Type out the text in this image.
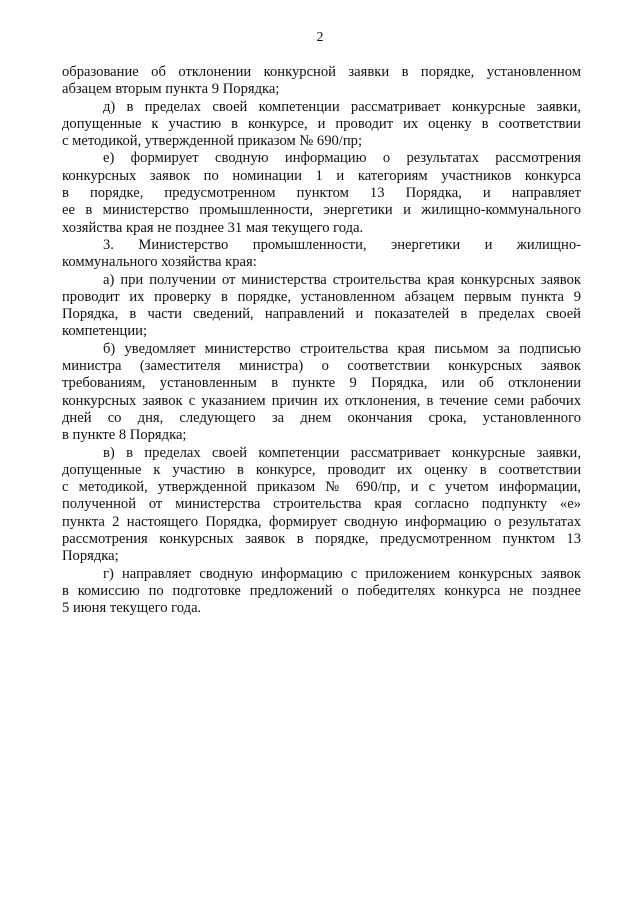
2
образование об отклонении конкурсной заявки в порядке, установленном
абзацем вторым пункта 9 Порядка;
д) в пределах своей компетенции рассматривает конкурсные заявки,
допущенные к участию в конкурсе, и проводит их оценку в соответствии
с методикой, утвержденной приказом № 690/пр;
е) формирует сводную информацию о результатах рассмотрения
конкурсных заявок по номинации 1 и категориям участников конкурса
в порядке, предусмотренном пунктом 13 Порядка, и направляет
ее в министерство промышленности, энергетики и жилищно-коммунального
хозяйства края не позднее 31 мая текущего года.
3. Министерство промышленности, энергетики и жилищно-
коммунального хозяйства края:
а) при получении от министерства строительства края конкурсных заявок
проводит их проверку в порядке, установленном абзацем первым пункта 9
Порядка, в части сведений, направлений и показателей в пределах своей
компетенции;
б) уведомляет министерство строительства края письмом за подписью
министра (заместителя министра) о соответствии конкурсных заявок
требованиям, установленным в пункте 9 Порядка, или об отклонении
конкурсных заявок с указанием причин их отклонения, в течение семи рабочих
дней со дня, следующего за днем окончания срока, установленного
в пункте 8 Порядка;
в) в пределах своей компетенции рассматривает конкурсные заявки,
допущенные к участию в конкурсе, проводит их оценку в соответствии
с методикой, утвержденной приказом № 690/пр, и с учетом информации,
полученной от министерства строительства края согласно подпункту «е»
пункта 2 настоящего Порядка, формирует сводную информацию о результатах
рассмотрения конкурсных заявок в порядке, предусмотренном пунктом 13
Порядка;
г) направляет сводную информацию с приложением конкурсных заявок
в комиссию по подготовке предложений о победителях конкурса не позднее
5 июня текущего года.
